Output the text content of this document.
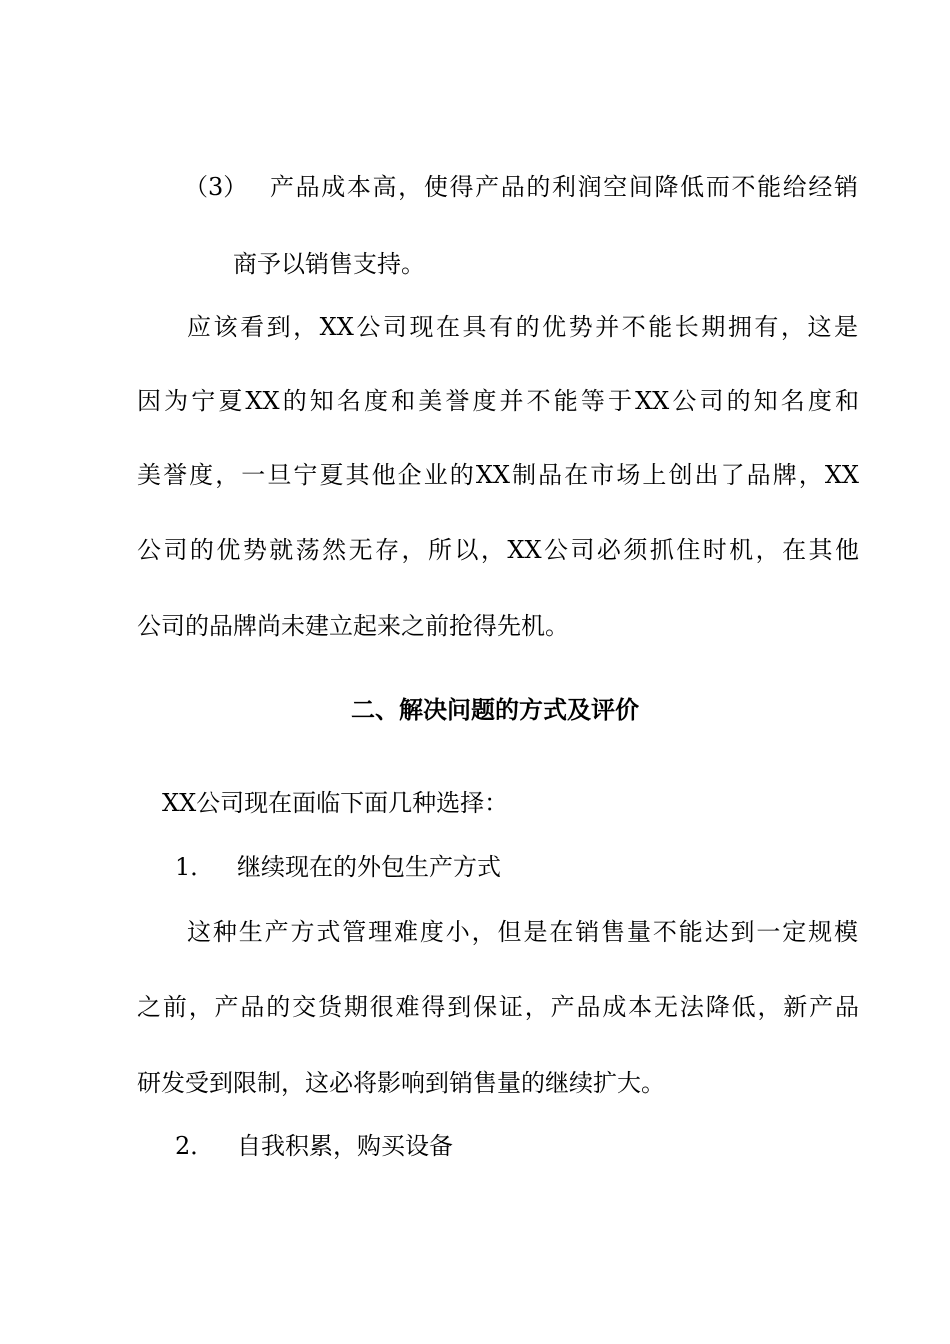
（3） 产品成本高，使得产品的利润空间降低而不能给经销
商予以销售支持。
应该看到，XX公司现在具有的优势并不能长期拥有，这是
因为宁夏XX的知名度和美誉度并不能等于XX公司的知名度和
美誉度，一旦宁夏其他企业的XX制品在市场上创出了品牌，XX
公司的优势就荡然无存，所以，XX公司必须抓住时机，在其他
公司的品牌尚未建立起来之前抢得先机。
二、解决问题的方式及评价
XX公司现在面临下面几种选择：
1． 继续现在的外包生产方式
这种生产方式管理难度小，但是在销售量不能达到一定规模
之前，产品的交货期很难得到保证，产品成本无法降低，新产品
研发受到限制，这必将影响到销售量的继续扩大。
2． 自我积累，购买设备
